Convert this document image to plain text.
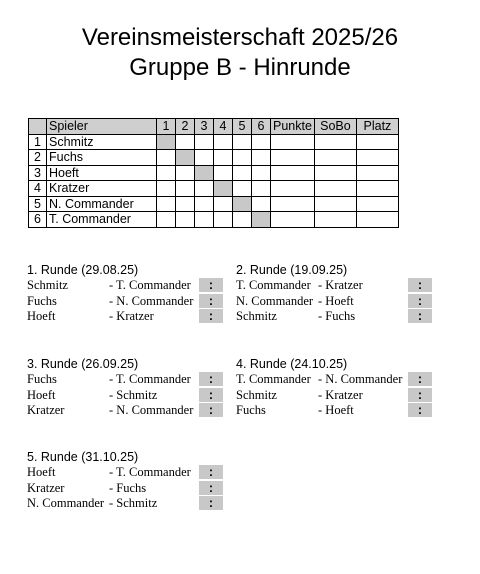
Vereinsmeisterschaft 2025/26
Gruppe B - Hinrunde
	Spieler	1	2	3	4	5	6	Punkte	SoBo	Platz
1	Schmitz									
2	Fuchs									
3	Hoeft									
4	Kratzer									
5	N. Commander									
6	T. Commander									
1. Runde (29.08.25)
Schmitz	- T. Commander	:
Fuchs	- N. Commander	:
Hoeft	- Kratzer	:
2. Runde (19.09.25)
T. Commander - Kratzer	:
N. Commander - Hoeft	:
Schmitz	- Fuchs	:
3. Runde (26.09.25)
Fuchs	- T. Commander	:
Hoeft	- Schmitz	:
Kratzer	- N. Commander	:
4. Runde (24.10.25)
T. Commander - N. Commander	:
Schmitz	- Kratzer	:
Fuchs	- Hoeft	:
5. Runde (31.10.25)
Hoeft	- T. Commander	:
Kratzer	- Fuchs	:
N. Commander - Schmitz	:
